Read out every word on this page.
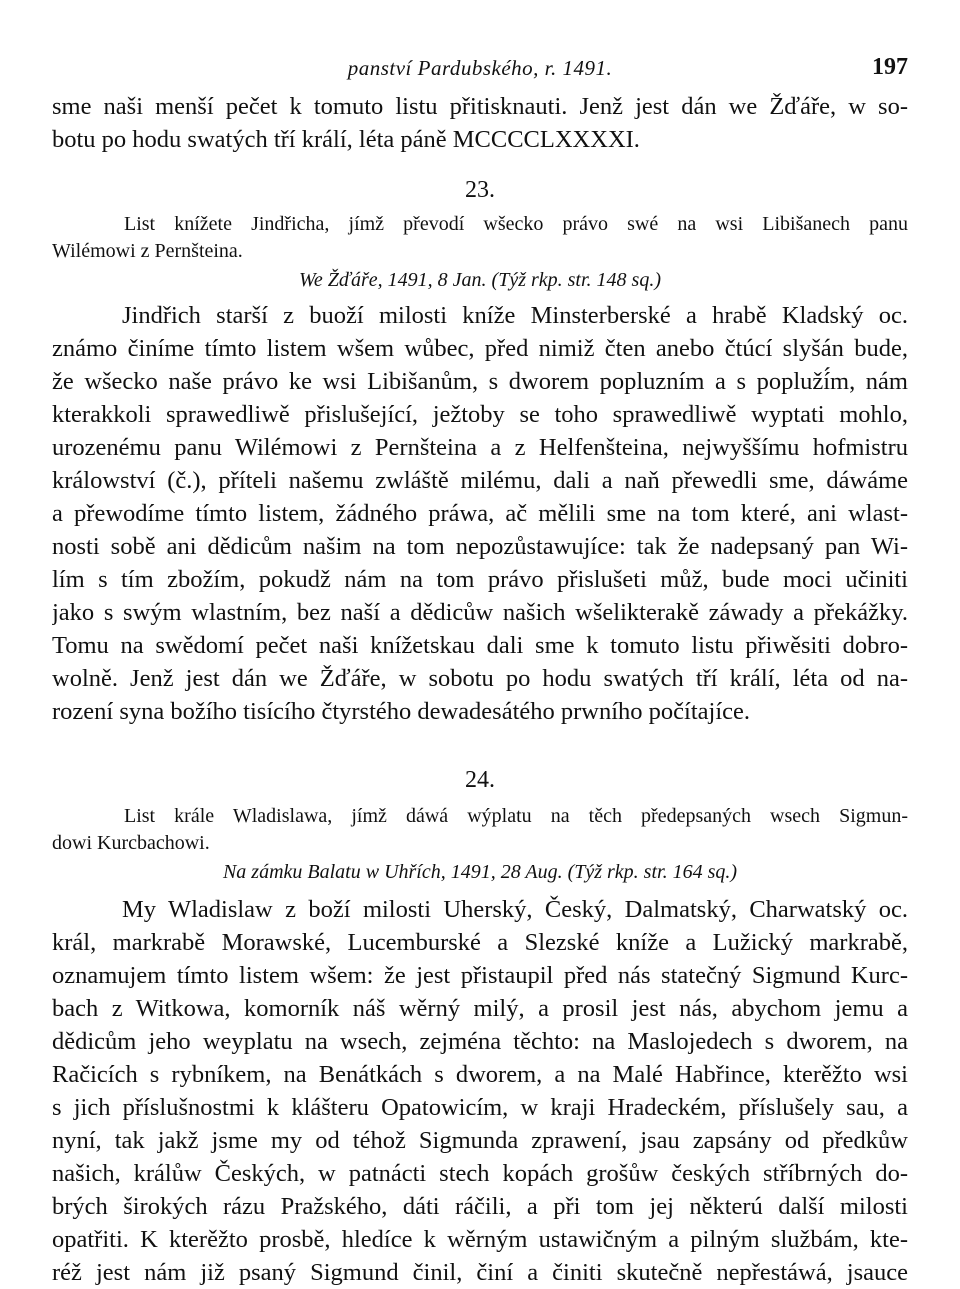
panství Pardubského, r. 1491.	197
sme naši menší pečet k tomuto listu přitisknauti. Jenž jest dán we Žďáře, w so-
botu po hodu swatých tří králí, léta páně MCCCCLXXXXI.
23.
List knížete Jindřicha, jímž převodí wšecko právo swé na wsi Libišanech panu
Wilémowi z Pernšteina.
We Žďáře, 1491, 8 Jan. (Týž rkp. str. 148 sq.)
Jindřich starší z buoží milosti kníže Minsterberské a hrabě Kladský oc.
známo činíme tímto listem wšem wůbec, před nimiž čten anebo čtúcí slyšán bude,
že wšecko naše právo ke wsi Libišanům, s dworem popluzním a s popluží́m, nám
kterakkoli sprawedliwě přislušející, ježtoby se toho sprawedliwě wyptati mohlo,
urozenému panu Wilémowi z Pernšteina a z Helfenšteina, nejwyššímu hofmistru
králowství (č.), příteli našemu zwláště milému, dali a naň přewedli sme, dáwáme
a přewodíme tímto listem, žádného práwa, ač mělili sme na tom které, ani wlast-
nosti sobě ani dědicům našim na tom nepozůstawujíce: tak že nadepsaný pan Wi-
lím s tím zbožím, pokudž nám na tom právo přislušeti můž, bude moci učiniti
jako s swým wlastním, bez naší a dědicůw našich wšelikterakě záwady a překážky.
Tomu na swědomí pečet naši knížetskau dali sme k tomuto listu přiwěsiti dobro-
wolně. Jenž jest dán we Žďáře, w sobotu po hodu swatých tří králí, léta od na-
rození syna božího tisícího čtyrstého dewadesátého prwního počítajíce.
24.
List krále Wladislawa, jímž dáwá wýplatu na těch předepsaných wsech Sigmun-
dowi Kurcbachowi.
Na zámku Balatu w Uhřích, 1491, 28 Aug. (Týž rkp. str. 164 sq.)
My Wladislaw z boží milosti Uherský, Český, Dalmatský, Charwatský oc.
král, markrabě Morawské, Lucemburské a Slezské kníže a Lužický markrabě,
oznamujem tímto listem wšem: že jest přistaupil před nás statečný Sigmund Kurc-
bach z Witkowa, komorník náš wěrný milý, a prosil jest nás, abychom jemu a
dědicům jeho weyplatu na wsech, zejména těchto: na Maslojedech s dworem, na
Račicích s rybníkem, na Benátkách s dworem, a na Malé Habřince, kterěžto wsi
s jich příslušnostmi k klášteru Opatowicím, w kraji Hradeckém, příslušely sau, a
nyní, tak jakž jsme my od téhož Sigmunda zprawení, jsau zapsány od předkůw
našich, králůw Českých, w patnácti stech kopách grošůw českých stříbrných do-
brých širokých rázu Pražského, dáti ráčili, a při tom jej některú další milosti
opatřiti. K kterěžto prosbě, hledíce k wěrným ustawičným a pilným službám, kte-
réž jest nám již psaný Sigmund činil, činí a činiti skutečně nepřestáwá, jsauce
